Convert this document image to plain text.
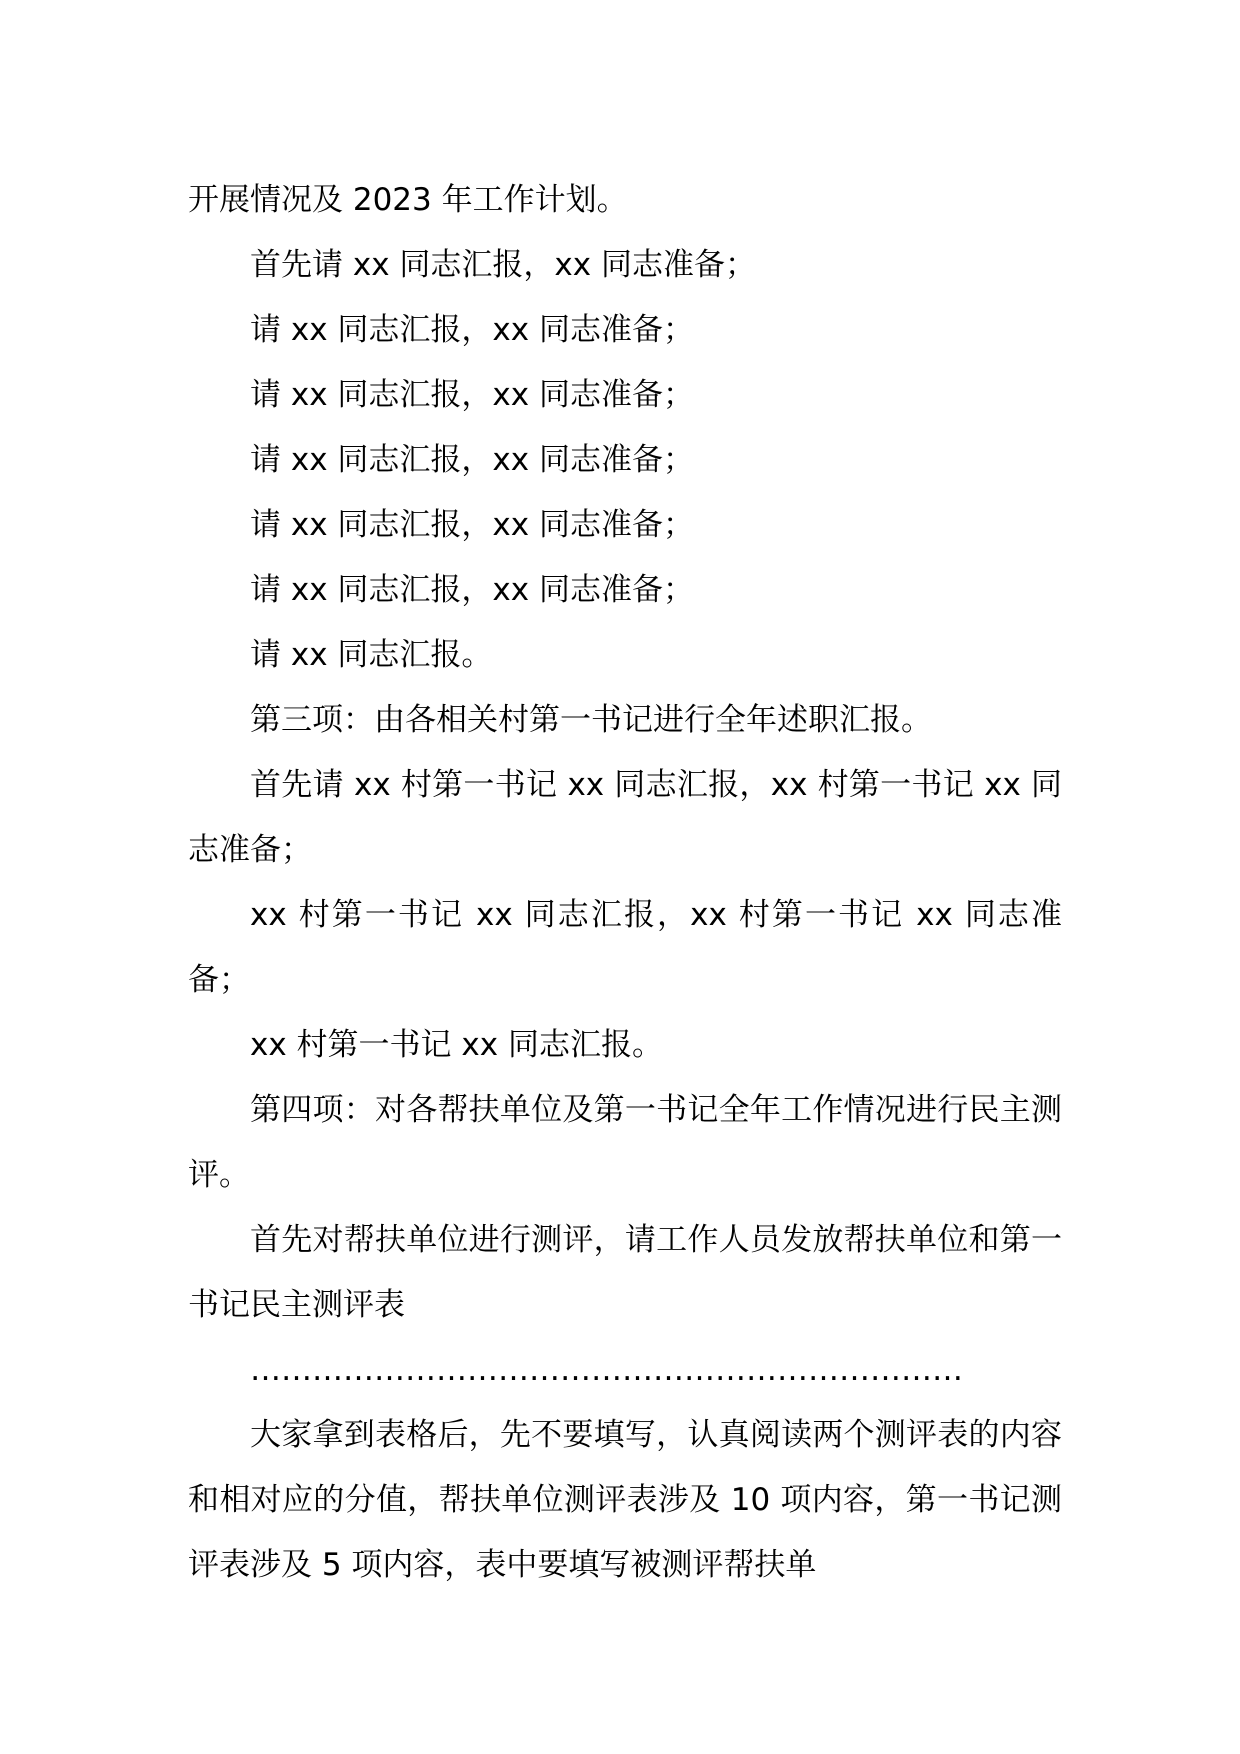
开展情况及 2023 年工作计划。

首先请 xx 同志汇报，xx 同志准备；

请 xx 同志汇报，xx 同志准备；

请 xx 同志汇报，xx 同志准备；

请 xx 同志汇报，xx 同志准备；

请 xx 同志汇报，xx 同志准备；

请 xx 同志汇报，xx 同志准备；

请 xx 同志汇报。

第三项：由各相关村第一书记进行全年述职汇报。

首先请 xx 村第一书记 xx 同志汇报，xx 村第一书记 xx 同志准备；

xx 村第一书记 xx 同志汇报，xx 村第一书记 xx 同志准备；

xx 村第一书记 xx 同志汇报。

第四项：对各帮扶单位及第一书记全年工作情况进行民主测评。

首先对帮扶单位进行测评，请工作人员发放帮扶单位和第一书记民主测评表

……………………………………………………………

大家拿到表格后，先不要填写，认真阅读两个测评表的内容和相对应的分值，帮扶单位测评表涉及 10 项内容，第一书记测评表涉及 5 项内容，表中要填写被测评帮扶单
